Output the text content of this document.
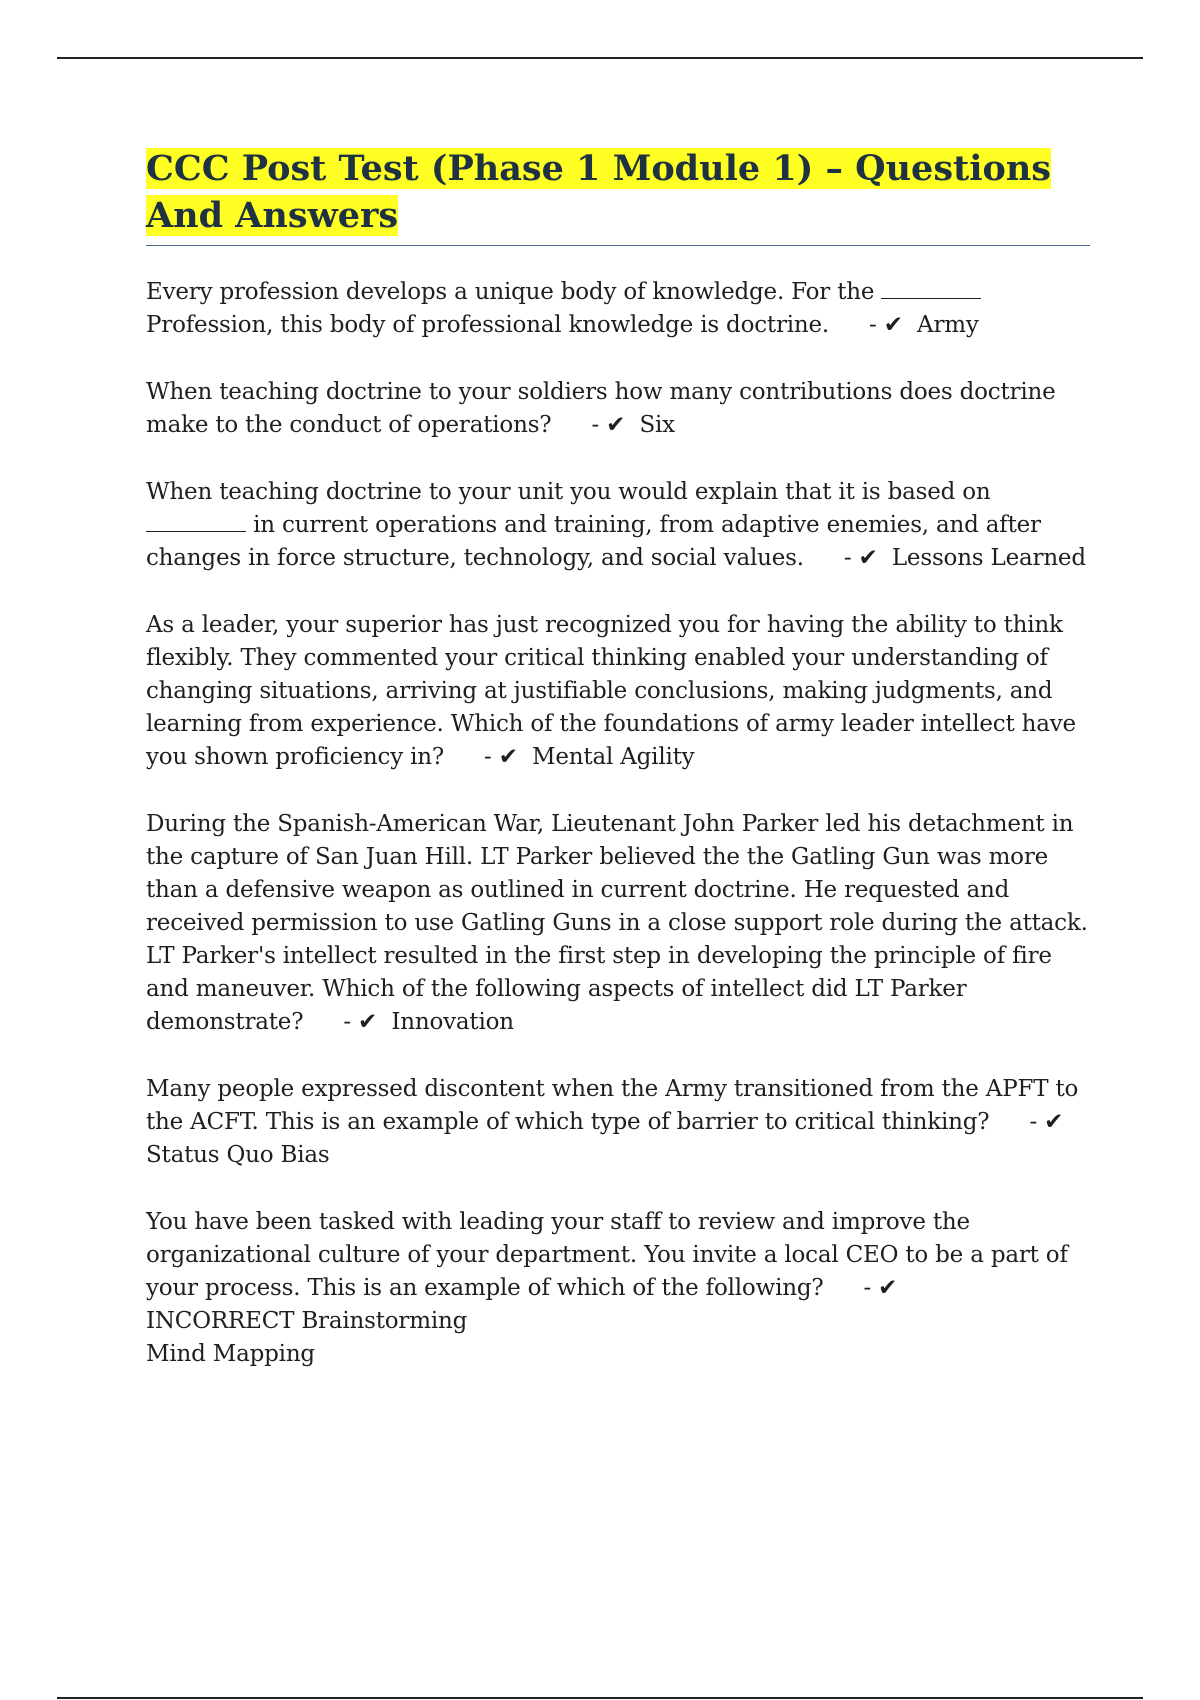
CCC Post Test (Phase 1 Module 1) – Questions And Answers

Every profession develops a unique body of knowledge. For the  Profession, this body of professional knowledge is doctrine. - ✔ Army

When teaching doctrine to your soldiers how many contributions does doctrine make to the conduct of operations? - ✔ Six

When teaching doctrine to your unit you would explain that it is based on  in current operations and training, from adaptive enemies, and after changes in force structure, technology, and social values. - ✔ Lessons Learned

As a leader, your superior has just recognized you for having the ability to think flexibly. They commented your critical thinking enabled your understanding of changing situations, arriving at justifiable conclusions, making judgments, and learning from experience. Which of the foundations of army leader intellect have you shown proficiency in? - ✔ Mental Agility

During the Spanish-American War, Lieutenant John Parker led his detachment in the capture of San Juan Hill. LT Parker believed the the Gatling Gun was more than a defensive weapon as outlined in current doctrine. He requested and received permission to use Gatling Guns in a close support role during the attack. LT Parker's intellect resulted in the first step in developing the principle of fire and maneuver. Which of the following aspects of intellect did LT Parker demonstrate? - ✔ Innovation

Many people expressed discontent when the Army transitioned from the APFT to the ACFT. This is an example of which type of barrier to critical thinking? - ✔  Status Quo Bias

You have been tasked with leading your staff to review and improve the organizational culture of your department. You invite a local CEO to be a part of your process. This is an example of which of the following? - ✔
INCORRECT Brainstorming
Mind Mapping
